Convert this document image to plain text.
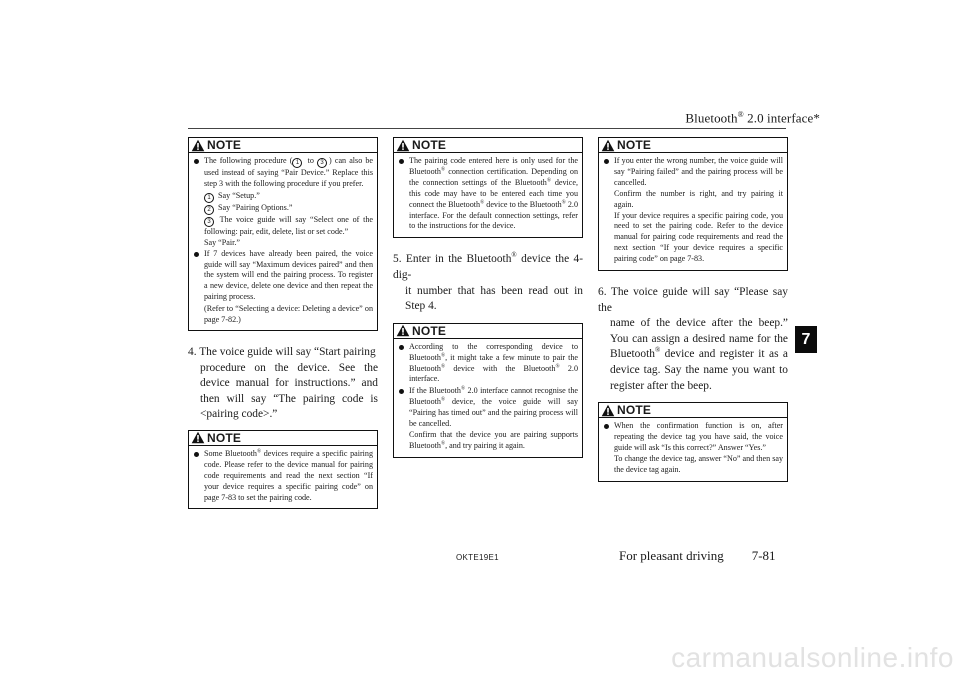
Bluetooth® 2.0 interface*
7
NOTE
The following procedure ( 1 to 3 ) can also be used instead of saying “Pair Device.” Replace this step 3 with the following procedure if you prefer.
1 Say “Setup.”
2 Say “Pairing Options.”
3 The voice guide will say “Select one of the following: pair, edit, delete, list or set code.”
Say “Pair.”
If 7 devices have already been paired, the voice guide will say “Maximum devices paired” and then the system will end the pairing process. To register a new device, delete one device and then repeat the pairing process.
(Refer to “Selecting a device: Deleting a device” on page 7-82.)
4. The voice guide will say “Start pairing
procedure on the device. See the device manual for instructions.” and then will say “The pairing code is <pairing code>.”
NOTE
Some Bluetooth® devices require a specific pairing code. Please refer to the device manual for pairing code requirements and read the next section “If your device requires a specific pairing code” on page 7-83 to set the pairing code.
NOTE
The pairing code entered here is only used for the Bluetooth® connection certification. Depending on the connection settings of the Bluetooth® device, this code may have to be entered each time you connect the Bluetooth® device to the Bluetooth® 2.0 interface. For the default connection settings, refer to the instructions for the device.
5. Enter in the Bluetooth® device the 4-dig-
it number that has been read out in Step 4.
NOTE
According to the corresponding device to Bluetooth®, it might take a few minute to pair the Bluetooth® device with the Bluetooth® 2.0 interface.
If the Bluetooth® 2.0 interface cannot recognise the Bluetooth® device, the voice guide will say “Pairing has timed out” and the pairing process will be cancelled.
Confirm that the device you are pairing supports Bluetooth®, and try pairing it again.
NOTE
If you enter the wrong number, the voice guide will say “Pairing failed” and the pairing process will be cancelled.
Confirm the number is right, and try pairing it again.
If your device requires a specific pairing code, you need to set the pairing code. Refer to the device manual for pairing code requirements and read the next section “If your device requires a specific pairing code” on page 7-83.
6. The voice guide will say “Please say the
name of the device after the beep.” You can assign a desired name for the Bluetooth® device and register it as a device tag. Say the name you want to register after the beep.
NOTE
When the confirmation function is on, after repeating the device tag you have said, the voice guide will ask “Is this correct?” Answer “Yes.”
To change the device tag, answer “No” and then say the device tag again.
OKTE19E1	For pleasant driving 7-81
carmanualsonline.info
